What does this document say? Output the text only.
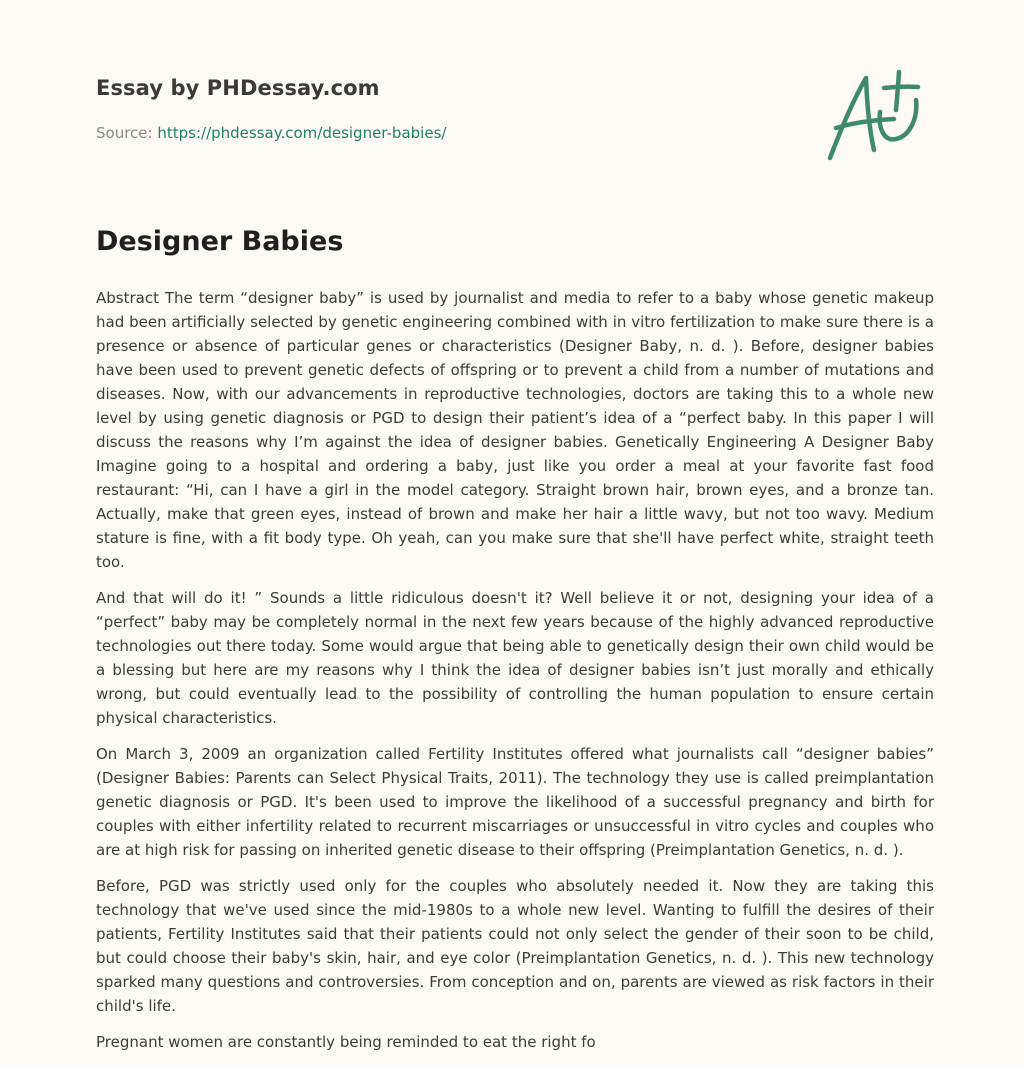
Essay by PHDessay.com
Source: https://phdessay.com/designer-babies/
Designer Babies

Abstract The term “designer baby” is used by journalist and media to refer to a baby whose genetic makeup had been artificially selected by genetic engineering combined with in vitro fertilization to make sure there is a presence or absence of particular genes or characteristics (Designer Baby, n. d. ). Before, designer babies have been used to prevent genetic defects of offspring or to prevent a child from a number of mutations and diseases. Now, with our advancements in reproductive technologies, doctors are taking this to a whole new level by using genetic diagnosis or PGD to design their patient’s idea of a “perfect baby. In this paper I will discuss the reasons why I’m against the idea of designer babies. Genetically Engineering A Designer Baby Imagine going to a hospital and ordering a baby, just like you order a meal at your favorite fast food restaurant: “Hi, can I have a girl in the model category. Straight brown hair, brown eyes, and a bronze tan. Actually, make that green eyes, instead of brown and make her hair a little wavy, but not too wavy. Medium stature is fine, with a fit body type. Oh yeah, can you make sure that she'll have perfect white, straight teeth too.

And that will do it! ” Sounds a little ridiculous doesn't it? Well believe it or not, designing your idea of a “perfect” baby may be completely normal in the next few years because of the highly advanced reproductive technologies out there today. Some would argue that being able to genetically design their own child would be a blessing but here are my reasons why I think the idea of designer babies isn’t just morally and ethically wrong, but could eventually lead to the possibility of controlling the human population to ensure certain physical characteristics.

On March 3, 2009 an organization called Fertility Institutes offered what journalists call “designer babies” (Designer Babies: Parents can Select Physical Traits, 2011). The technology they use is called preimplantation genetic diagnosis or PGD. It's been used to improve the likelihood of a successful pregnancy and birth for couples with either infertility related to recurrent miscarriages or unsuccessful in vitro cycles and couples who are at high risk for passing on inherited genetic disease to their offspring (Preimplantation Genetics, n. d. ).

Before, PGD was strictly used only for the couples who absolutely needed it. Now they are taking this technology that we've used since the mid-1980s to a whole new level. Wanting to fulfill the desires of their patients, Fertility Institutes said that their patients could not only select the gender of their soon to be child, but could choose their baby's skin, hair, and eye color (Preimplantation Genetics, n. d. ). This new technology sparked many questions and controversies. From conception and on, parents are viewed as risk factors in their child's life.

Pregnant women are constantly being reminded to eat the right fo
